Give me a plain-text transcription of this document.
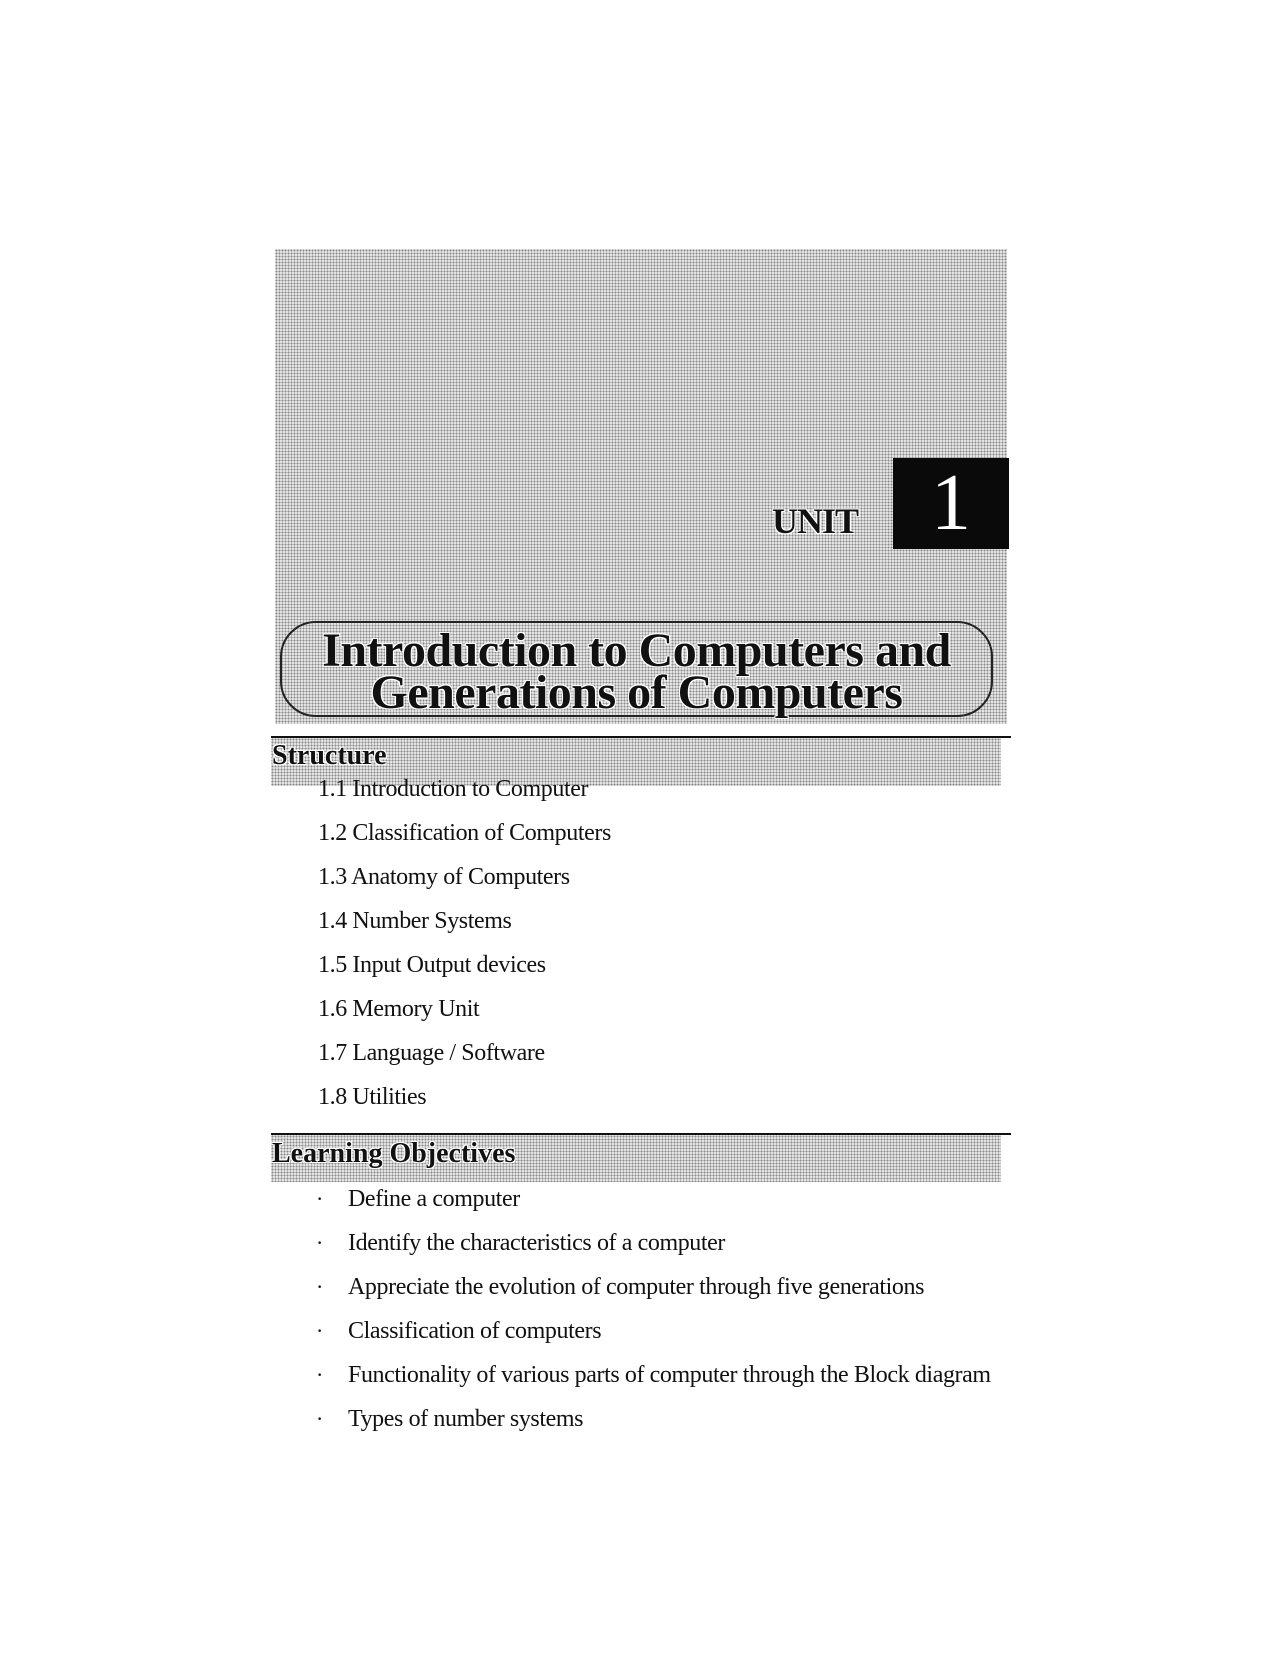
UNIT 1
Introduction to Computers and
Generations of Computers
Structure
1.1 Introduction to Computer
1.2 Classification of Computers
1.3 Anatomy of Computers
1.4 Number Systems
1.5 Input Output devices
1.6 Memory Unit
1.7 Language / Software
1.8 Utilities
Learning Objectives
· Define a computer
· Identify the characteristics of a computer
· Appreciate the evolution of computer through five generations
· Classification of computers
· Functionality of various parts of computer through the Block diagram
· Types of number systems
